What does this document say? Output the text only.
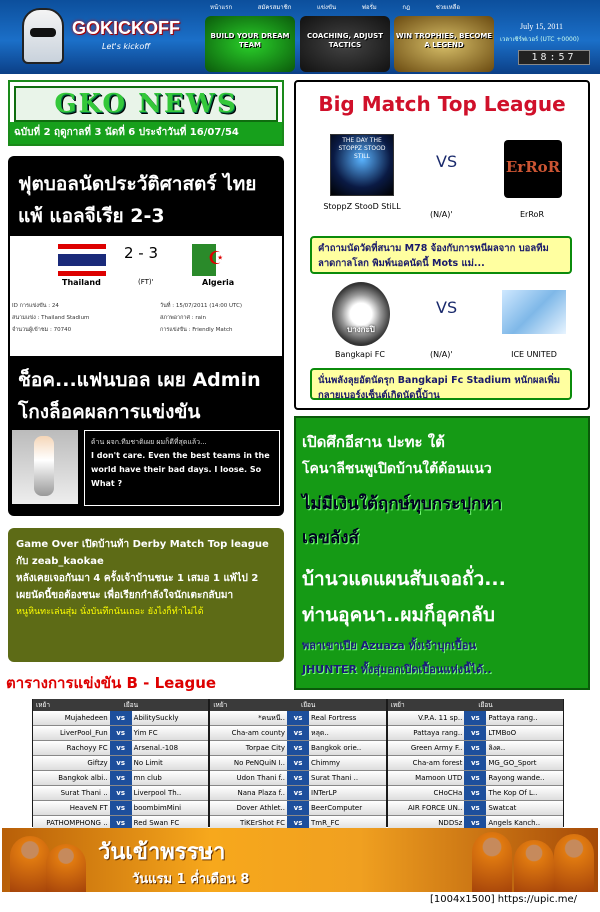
GOKICKOFF
Let's kickoff
หน้าแรก	สมัครสมาชิก	แข่งขัน	ฟอรั่ม	กฎ	ช่วยเหลือ
BUILD YOUR DREAM TEAM
COACHING, ADJUST TACTICS
WIN TROPHIES, BECOME A LEGEND
July 15, 2011
เวลาเซิร์ฟเวอร์ (UTC +0000)
18:57
GKO NEWS
ฉบับที่ 2 ฤดูกาลที่ 3 นัดที่ 6 ประจำวันที่ 16/07/54
ฟุตบอลนัดประวัติศาสตร์ ไทย แพ้ แอลจีเรีย 2-3
2 - 3
☪
Thailand	(FT)'	Algeria
ID การแข่งขัน : 24
สนามแข่ง : Thailand Stadium
จำนวนผู้เข้าชม : 70740
วันที่ : 15/07/2011 (14:00 UTC)
สภาพอากาศ : rain
การแข่งขัน : Friendly Match
ช็อค...แฟนบอล เผย Admin โกงล็อคผลการแข่งขัน
ด้าน ผจก.ทีมชาติเผย ผมก็ดีที่สุดแล้ว...
I don't care. Even the best teams in the world have their bad days. I loose. So What ?
Game Over เปิดบ้านท้า Derby Match Top league กับ zeab_kaokae
หลังเคยเจอกันมา 4 ครั้งเจ้าบ้านชนะ 1 เสมอ 1 แพ้ไป 2 เผยนัดนี้ขอต้องชนะ เพื่อเรียกกำลังใจนักเตะกลับมา
หนูหินทะเล่นสุ่ม นั่งบันทึกนันเถอะ ยังไงก็ทำไม่ได้
Big Match Top League
THE DAY THE STOPPZ STOOD STILL	VS	ErRoR
StoppZ StooD StiLL
(N/A)'	ErRoR
คำถามนัดวัดที่สนาม M78 จ้องกับการหนีผลจาก บอลทีมลาดกาลโลก พิมพ์นอคนัดนี้ Mots แม่...
บางกะปิ
VS
Bangkapi FC	(N/A)'	ICE UNITED
นั่นพลังลุยอัตนัดรุก Bangkapi Fc Stadium หนักผลเพิ่มกลายเบอร์งเซ็นต์เกิดนัดนี้บ้าน
เปิดศึกอีสาน ปะทะ ใต้
โคนาลีชนพูเปิดบ้านใต้ด้อนแนว
ไม่มีเงินใต้ฤกษ์ทุบกระปุกหา
เลขลังส์
บ้านวแดแผนสับเจอถั่ว...
ท่านอุคนา..ผมก็อุคกลับ
พลาเขาเปีย Azuaza ทั้งเจ้าบุกเปื้อน
JHUNTER ทั้งสุ่มอกเปิดเปื้อนแห่งนี้ได้..
ตารางการแข่งขัน B - League
เหย้า	เยือน
Mujahedeen	vs	AbilitySuckly
LiverPool_Fun	vs	Yim FC
Rachoyy FC	vs	Arsenal.-108
Giftzy	vs	No Limit
Bangkok albi..	vs	mn club
Surat Thani ..	vs	Liverpool Th..
HeaveN FT	vs	boombimMini
PATHOMPHONG ..	vs	Red Swan FC
เหย้า	เยือน
*คนหนี..	vs	Real Fortress
Cha-am county	vs	หลุด..
Torpae City	vs	Bangkok orie..
No PeNQuiN I..	vs	Chimmy
Udon Thani f..	vs	Surat Thani ..
Nana Plaza f..	vs	INTerLP
Dover Athlet..	vs	BeerComputer
TiKErShot FC	vs	TmR_FC
เหย้า	เยือน
V.P.A. 11 sp..	vs	Pattaya rang..
Pattaya rang..	vs	LTMBoO
Green Army F..	vs	ลิงค..
Cha-am forest	vs	MG_GO_Sport
Mamoon UTD	vs	Rayong wande..
CHoCHa	vs	The Kop Of L..
AIR FORCE UN..	vs	Swatcat
NDDSz	vs	Angels Kanch..
วันเข้าพรรษา
วันแรม 1 ค่ำเดือน 8
[1004x1500] https://upic.me/
